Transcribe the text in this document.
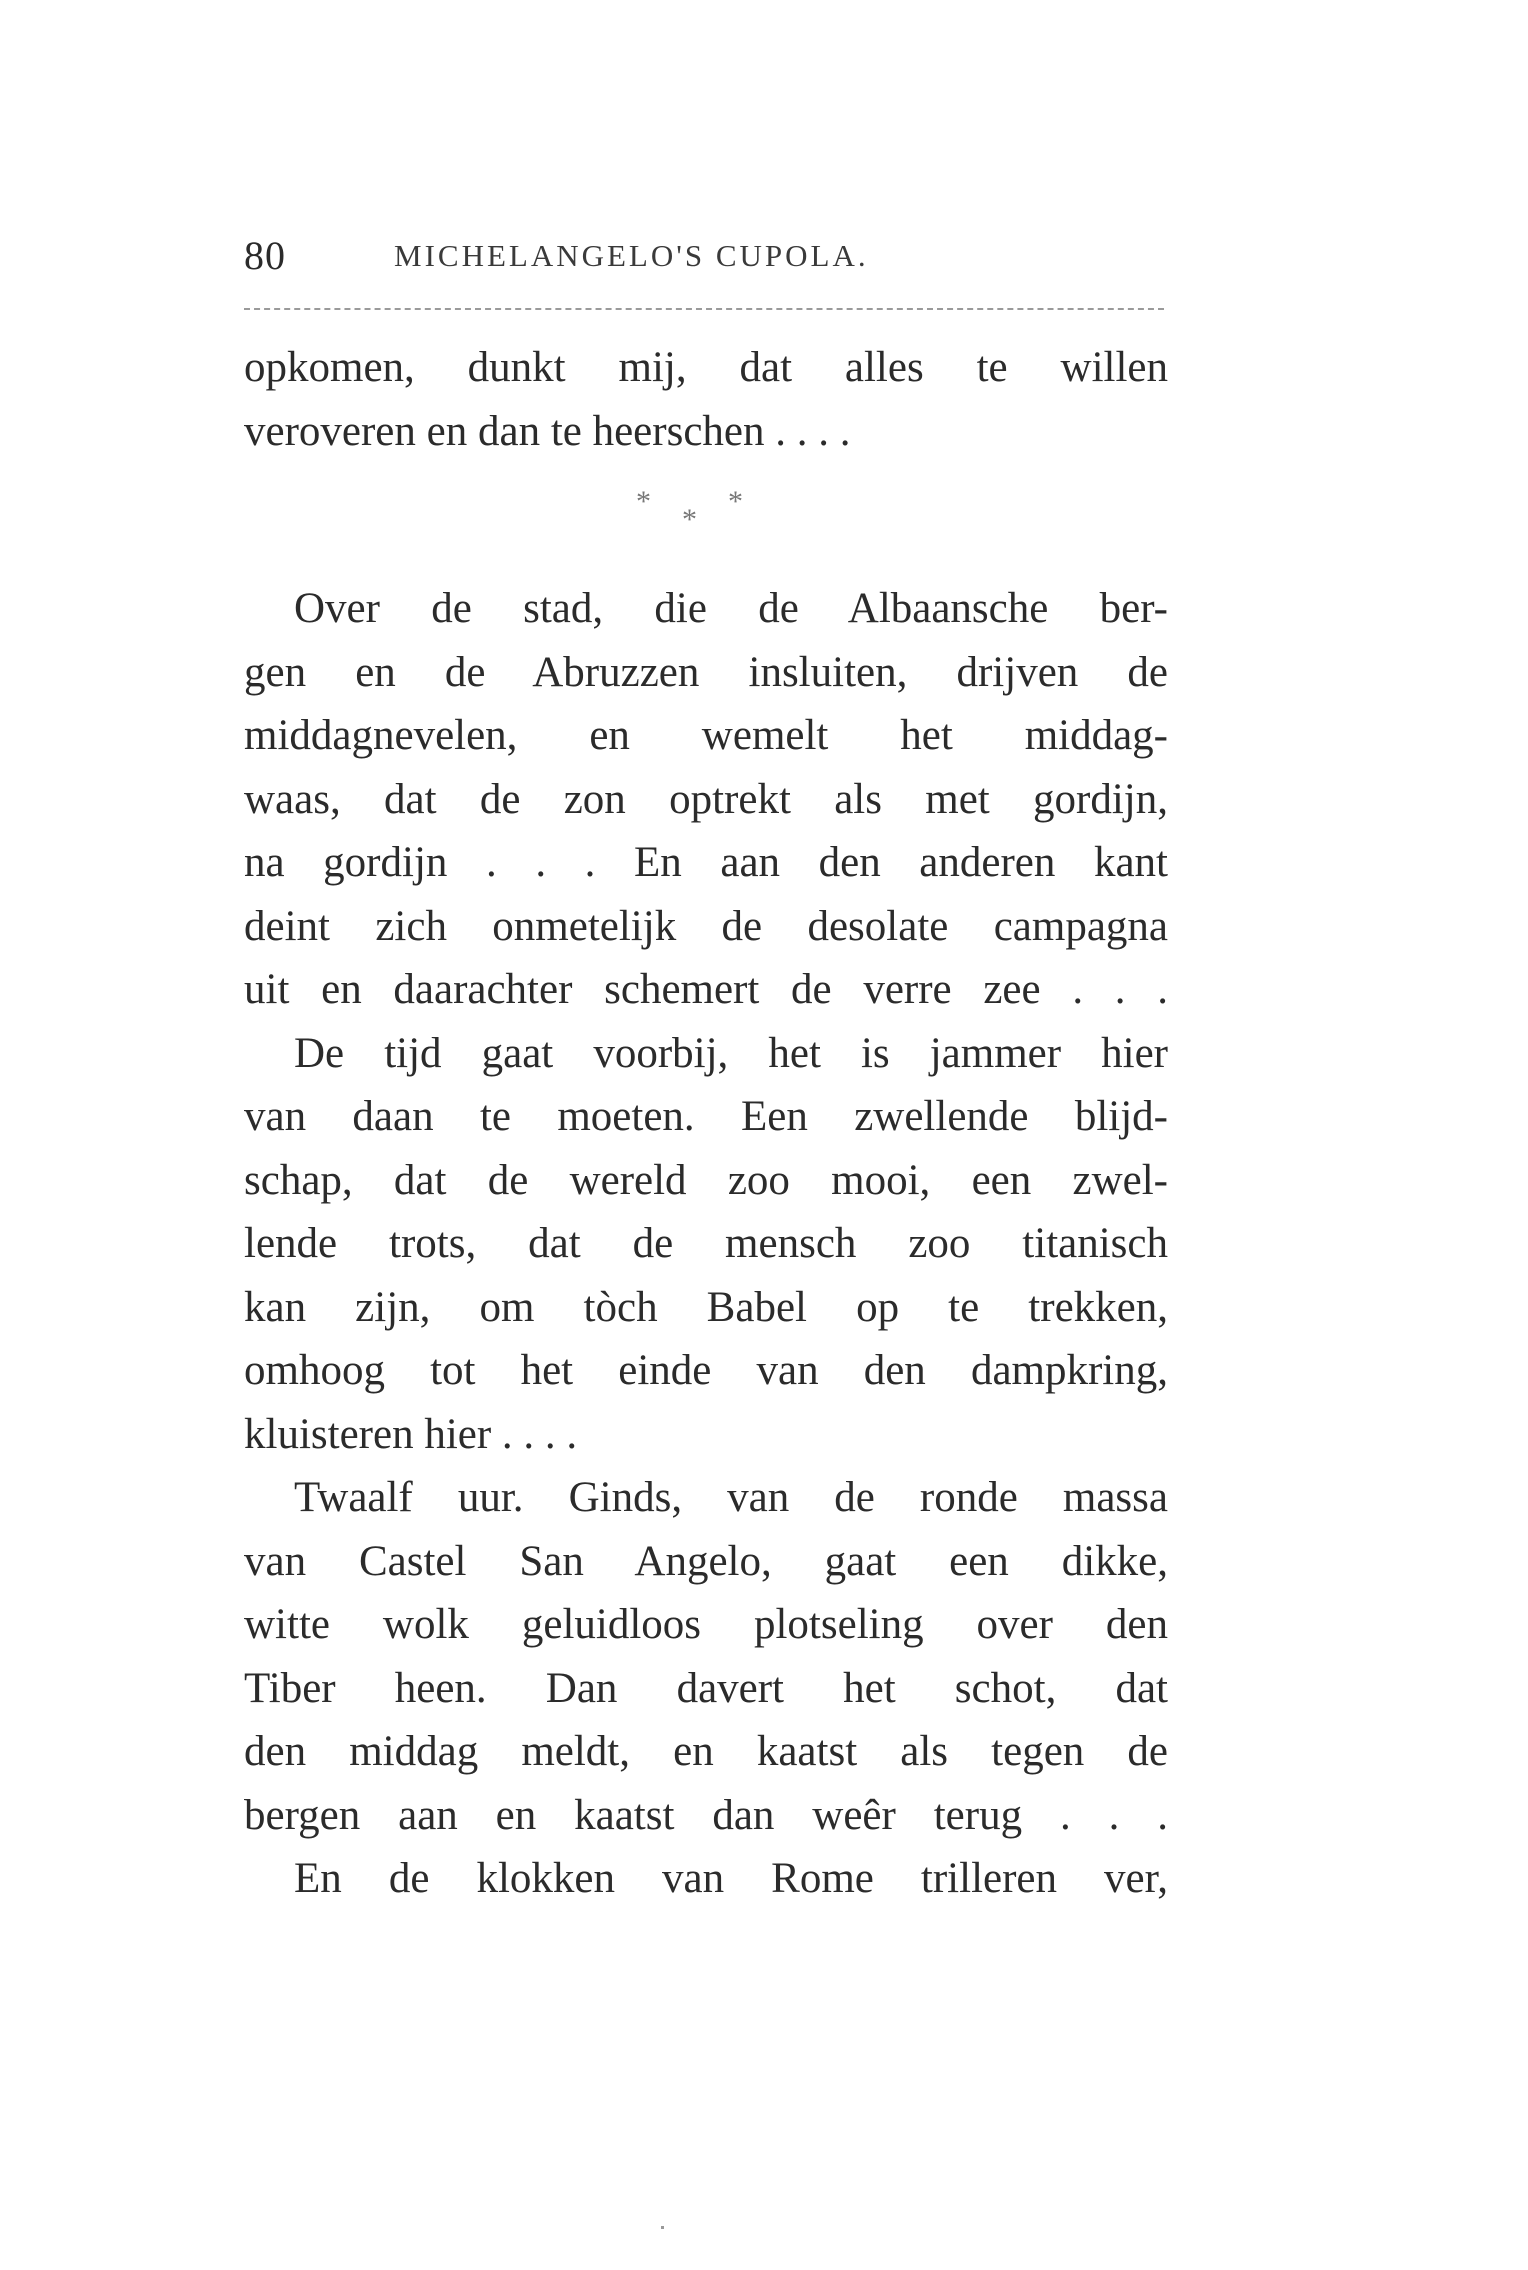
80	MICHELANGELO'S CUPOLA.
opkomen, dunkt mij, dat alles te willen
veroveren en dan te heerschen . . . .
*
*
*
Over de stad, die de Albaansche ber-
gen en de Abruzzen insluiten, drijven de
middagnevelen, en wemelt het middag-
waas, dat de zon optrekt als met gordijn,
na gordijn . . . En aan den anderen kant
deint zich onmetelijk de desolate campagna
uit en daarachter schemert de verre zee . . .
De tijd gaat voorbij, het is jammer hier
van daan te moeten. Een zwellende blijd-
schap, dat de wereld zoo mooi, een zwel-
lende trots, dat de mensch zoo titanisch
kan zijn, om tòch Babel op te trekken,
omhoog tot het einde van den dampkring,
kluisteren hier . . . .
Twaalf uur. Ginds, van de ronde massa
van Castel San Angelo, gaat een dikke,
witte wolk geluidloos plotseling over den
Tiber heen. Dan davert het schot, dat
den middag meldt, en kaatst als tegen de
bergen aan en kaatst dan weêr terug . . .
En de klokken van Rome trilleren ver,
